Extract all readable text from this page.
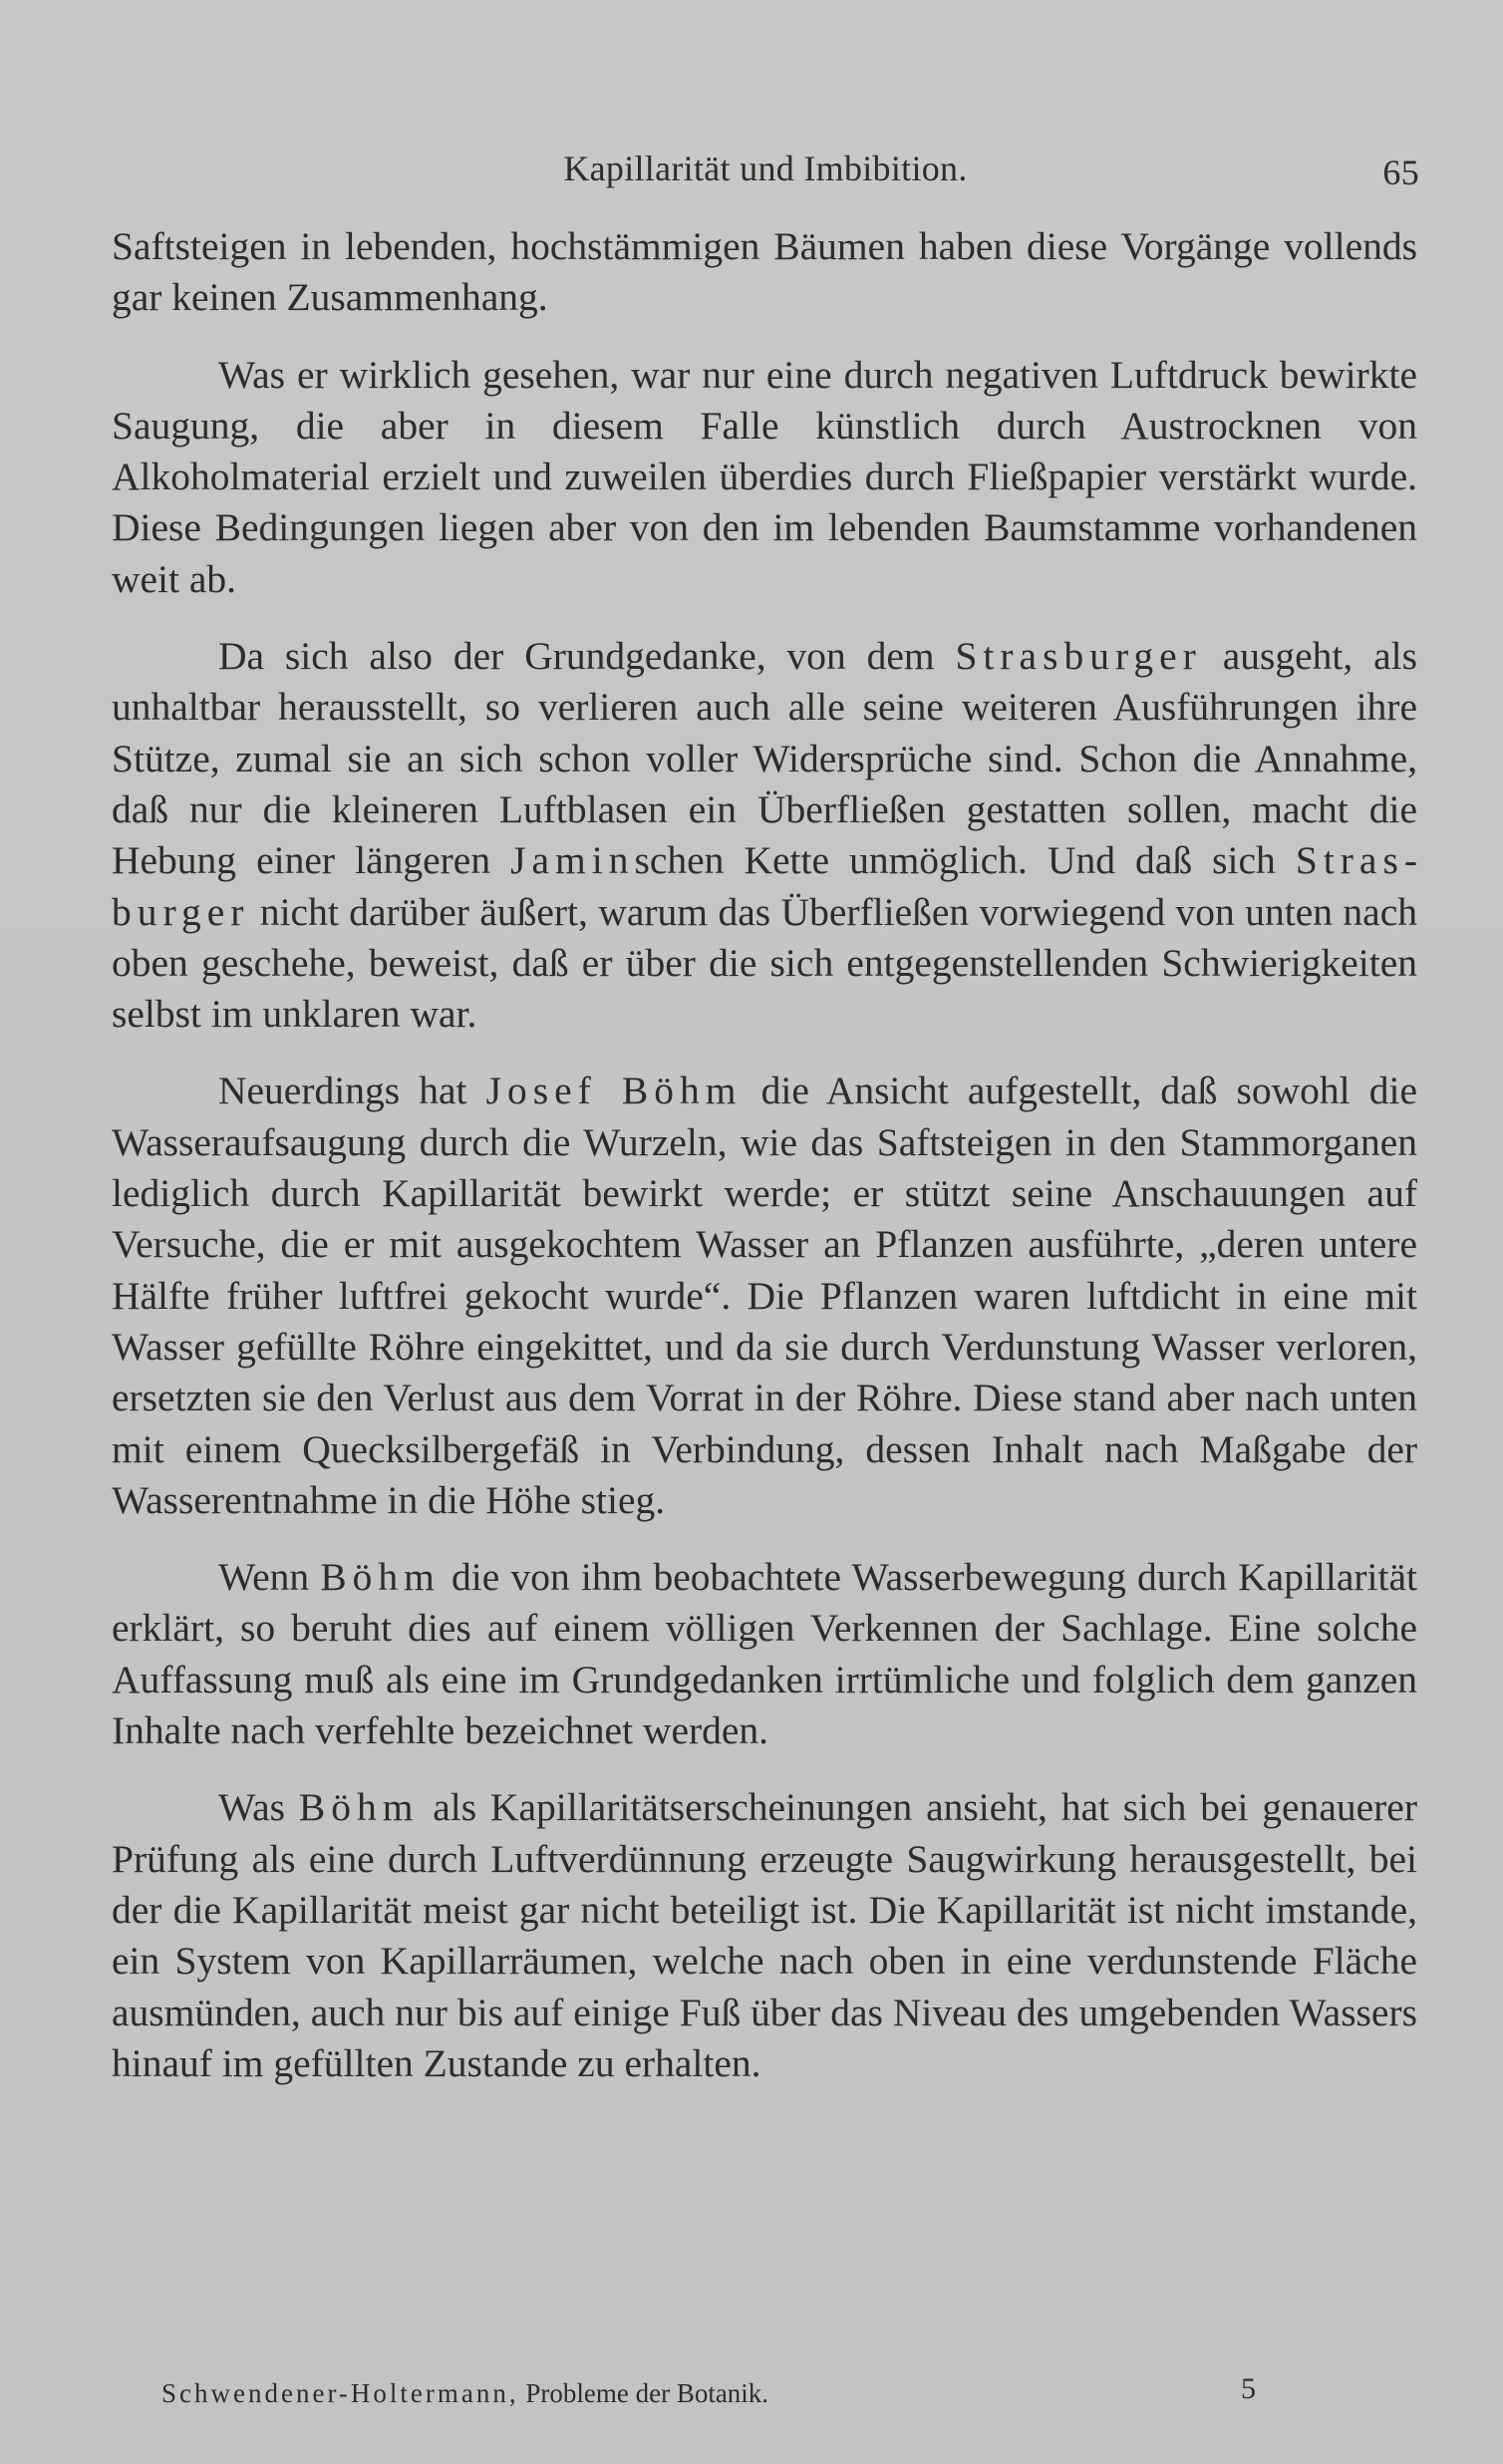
Kapillarität und Imbibition.	65

Saftsteigen in lebenden, hochstämmigen Bäumen haben diese Vorgänge vollends gar keinen Zusammenhang.

Was er wirklich gesehen, war nur eine durch negativen Luftdruck bewirkte Saugung, die aber in diesem Falle künstlich durch Austrocknen von Alkoholmaterial erzielt und zuweilen überdies durch Fließpapier verstärkt wurde. Diese Bedingungen liegen aber von den im lebenden Baumstamme vorhandenen weit ab.

Da sich also der Grundgedanke, von dem Strasburger ausgeht, als unhaltbar herausstellt, so verlieren auch alle seine weiteren Ausführungen ihre Stütze, zumal sie an sich schon voller Widersprüche sind. Schon die Annahme, daß nur die kleineren Luftblasen ein Überfließen gestatten sollen, macht die Hebung einer längeren Jaminschen Kette unmöglich. Und daß sich Strasburger nicht darüber äußert, warum das Überfließen vorwiegend von unten nach oben geschehe, beweist, daß er über die sich entgegenstellenden Schwierigkeiten selbst im unklaren war.

Neuerdings hat Josef Böhm die Ansicht aufgestellt, daß sowohl die Wasseraufsaugung durch die Wurzeln, wie das Saftsteigen in den Stammorganen lediglich durch Kapillarität bewirkt werde; er stützt seine Anschauungen auf Versuche, die er mit ausgekochtem Wasser an Pflanzen ausführte, „deren untere Hälfte früher luftfrei gekocht wurde“. Die Pflanzen waren luftdicht in eine mit Wasser gefüllte Röhre eingekittet, und da sie durch Verdunstung Wasser verloren, ersetzten sie den Verlust aus dem Vorrat in der Röhre. Diese stand aber nach unten mit einem Quecksilbergefäß in Verbindung, dessen Inhalt nach Maßgabe der Wasserentnahme in die Höhe stieg.

Wenn Böhm die von ihm beobachtete Wasserbewegung durch Kapillarität erklärt, so beruht dies auf einem völligen Verkennen der Sachlage. Eine solche Auffassung muß als eine im Grundgedanken irrtümliche und folglich dem ganzen Inhalte nach verfehlte bezeichnet werden.

Was Böhm als Kapillaritätserscheinungen ansieht, hat sich bei genauerer Prüfung als eine durch Luftverdünnung erzeugte Saugwirkung herausgestellt, bei der die Kapillarität meist gar nicht beteiligt ist. Die Kapillarität ist nicht imstande, ein System von Kapillarräumen, welche nach oben in eine verdunstende Fläche ausmünden, auch nur bis auf einige Fuß über das Niveau des umgebenden Wassers hinauf im gefüllten Zustande zu erhalten.

Schwendener-Holtermann, Probleme der Botanik.	5
